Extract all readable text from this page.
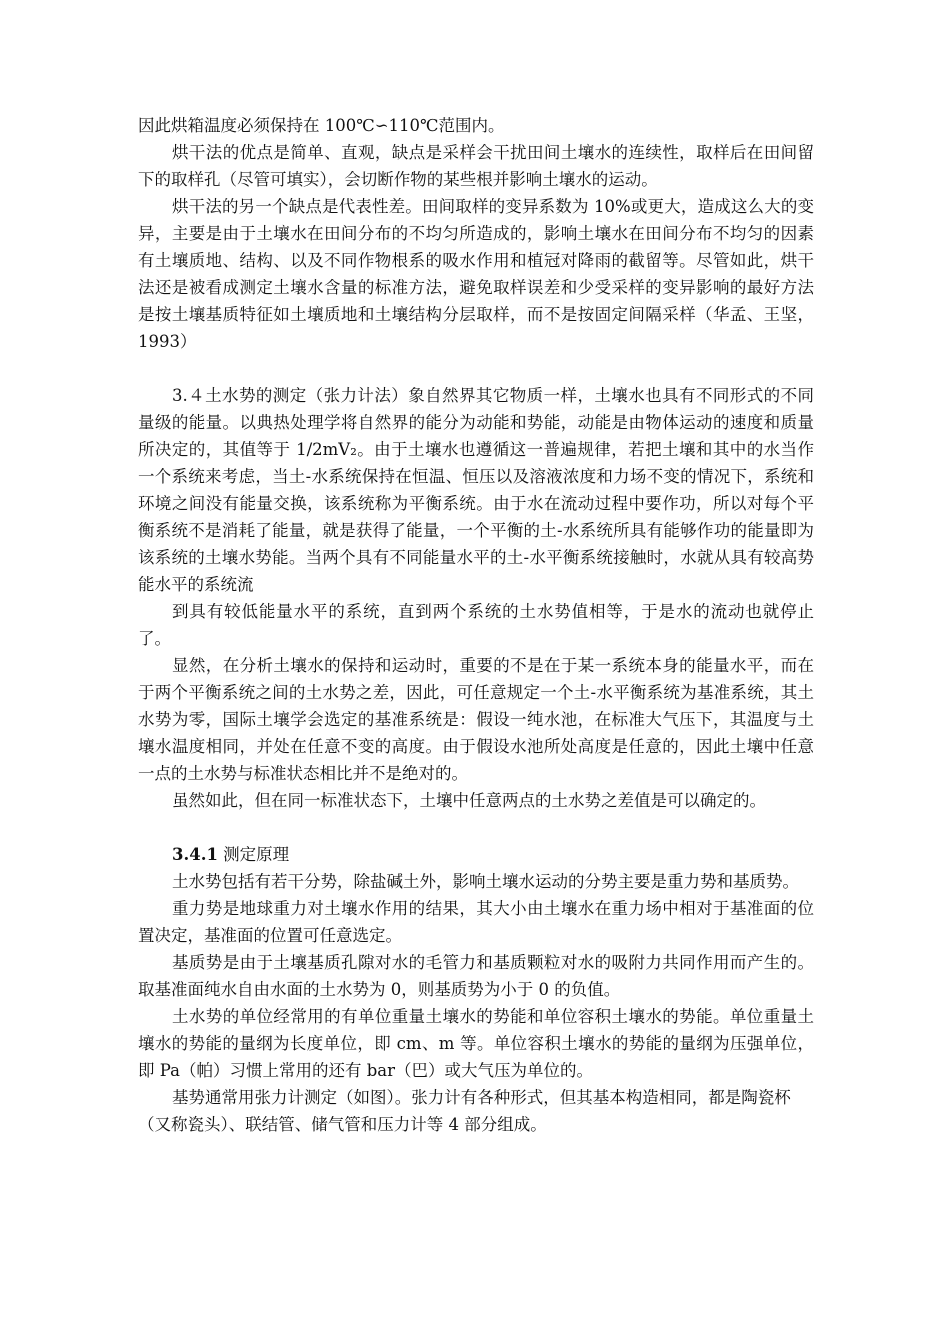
因此烘箱温度必须保持在 100℃∽110℃范围内。

烘干法的优点是简单、直观，缺点是采样会干扰田间土壤水的连续性，取样后在田间留下的取样孔（尽管可填实），会切断作物的某些根并影响土壤水的运动。

烘干法的另一个缺点是代表性差。田间取样的变异系数为 10%或更大，造成这么大的变异，主要是由于土壤水在田间分布的不均匀所造成的，影响土壤水在田间分布不均匀的因素有土壤质地、结构、以及不同作物根系的吸水作用和植冠对降雨的截留等。尽管如此，烘干法还是被看成测定土壤水含量的标准方法，避免取样误差和少受采样的变异影响的最好方法是按土壤基质特征如土壤质地和土壤结构分层取样，而不是按固定间隔采样（华孟、王坚，1993）

3.４土水势的测定（张力计法）象自然界其它物质一样，土壤水也具有不同形式的不同量级的能量。以典热处理学将自然界的能分为动能和势能，动能是由物体运动的速度和质量所决定的，其值等于 1/2mV₂。由于土壤水也遵循这一普遍规律，若把土壤和其中的水当作一个系统来考虑，当土-水系统保持在恒温、恒压以及溶液浓度和力场不变的情况下，系统和环境之间没有能量交换，该系统称为平衡系统。由于水在流动过程中要作功，所以对每个平衡系统不是消耗了能量，就是获得了能量，一个平衡的土-水系统所具有能够作功的能量即为该系统的土壤水势能。当两个具有不同能量水平的土-水平衡系统接触时，水就从具有较高势能水平的系统流

到具有较低能量水平的系统，直到两个系统的土水势值相等，于是水的流动也就停止了。

显然，在分析土壤水的保持和运动时，重要的不是在于某一系统本身的能量水平，而在于两个平衡系统之间的土水势之差，因此，可任意规定一个土-水平衡系统为基准系统，其土水势为零，国际土壤学会选定的基准系统是：假设一纯水池，在标准大气压下，其温度与土壤水温度相同，并处在任意不变的高度。由于假设水池所处高度是任意的，因此土壤中任意一点的土水势与标准状态相比并不是绝对的。

虽然如此，但在同一标准状态下，土壤中任意两点的土水势之差值是可以确定的。

3.4.1 测定原理

土水势包括有若干分势，除盐碱土外，影响土壤水运动的分势主要是重力势和基质势。

重力势是地球重力对土壤水作用的结果，其大小由土壤水在重力场中相对于基准面的位置决定，基准面的位置可任意选定。

基质势是由于土壤基质孔隙对水的毛管力和基质颗粒对水的吸附力共同作用而产生的。取基准面纯水自由水面的土水势为 0，则基质势为小于 0 的负值。

土水势的单位经常用的有单位重量土壤水的势能和单位容积土壤水的势能。单位重量土壤水的势能的量纲为长度单位，即 cm、m 等。单位容积土壤水的势能的量纲为压强单位，即 Pa（帕）习惯上常用的还有 bar（巴）或大气压为单位的。

基势通常用张力计测定（如图）。张力计有各种形式，但其基本构造相同，都是陶瓷杯（又称瓷头）、联结管、储气管和压力计等 4 部分组成。
